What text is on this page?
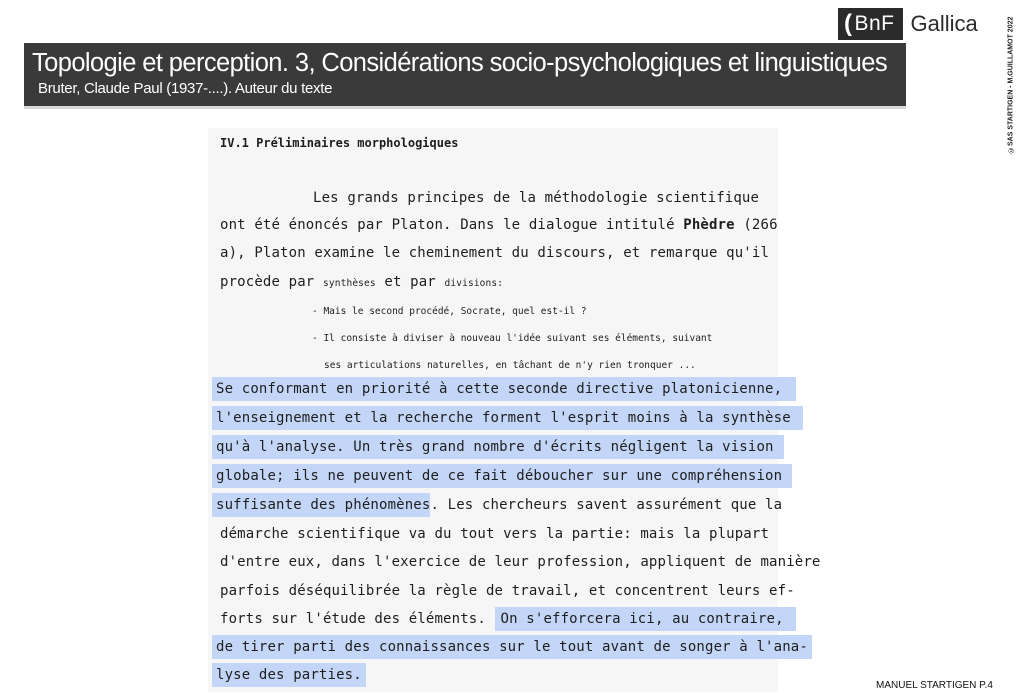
( BnF Gallica	©SAS STARTIGEN - M.GUILLAMOT 2022
Topologie et perception. 3, Considérations socio-psychologiques et linguistiques
Bruter, Claude Paul (1937-....). Auteur du texte
IV.1 Préliminaires morphologiques
Les grands principes de la méthodologie scientifique
ont été énoncés par Platon. Dans le dialogue intitulé Phèdre (266
a), Platon examine le cheminement du discours, et remarque qu'il
procède par synthèses et par divisions:
- Mais le second procédé, Socrate, quel est-il ?
- Il consiste à diviser à nouveau l'idée suivant ses éléments, suivant
ses articulations naturelles, en tâchant de n'y rien tronquer ...
Se conformant en priorité à cette seconde directive platonicienne,
l'enseignement et la recherche forment l'esprit moins à la synthèse
qu'à l'analyse. Un très grand nombre d'écrits négligent la vision
globale; ils ne peuvent de ce fait déboucher sur une compréhension
suffisante des phénomènes. Les chercheurs savent assurément que la
démarche scientifique va du tout vers la partie: mais la plupart
d'entre eux, dans l'exercice de leur profession, appliquent de manière
parfois déséquilibrée la règle de travail, et concentrent leurs ef-
forts sur l'étude des éléments. On s'efforcera ici, au contraire,
de tirer parti des connaissances sur le tout avant de songer à l'ana-
lyse des parties.
MANUEL STARTIGEN P.4
